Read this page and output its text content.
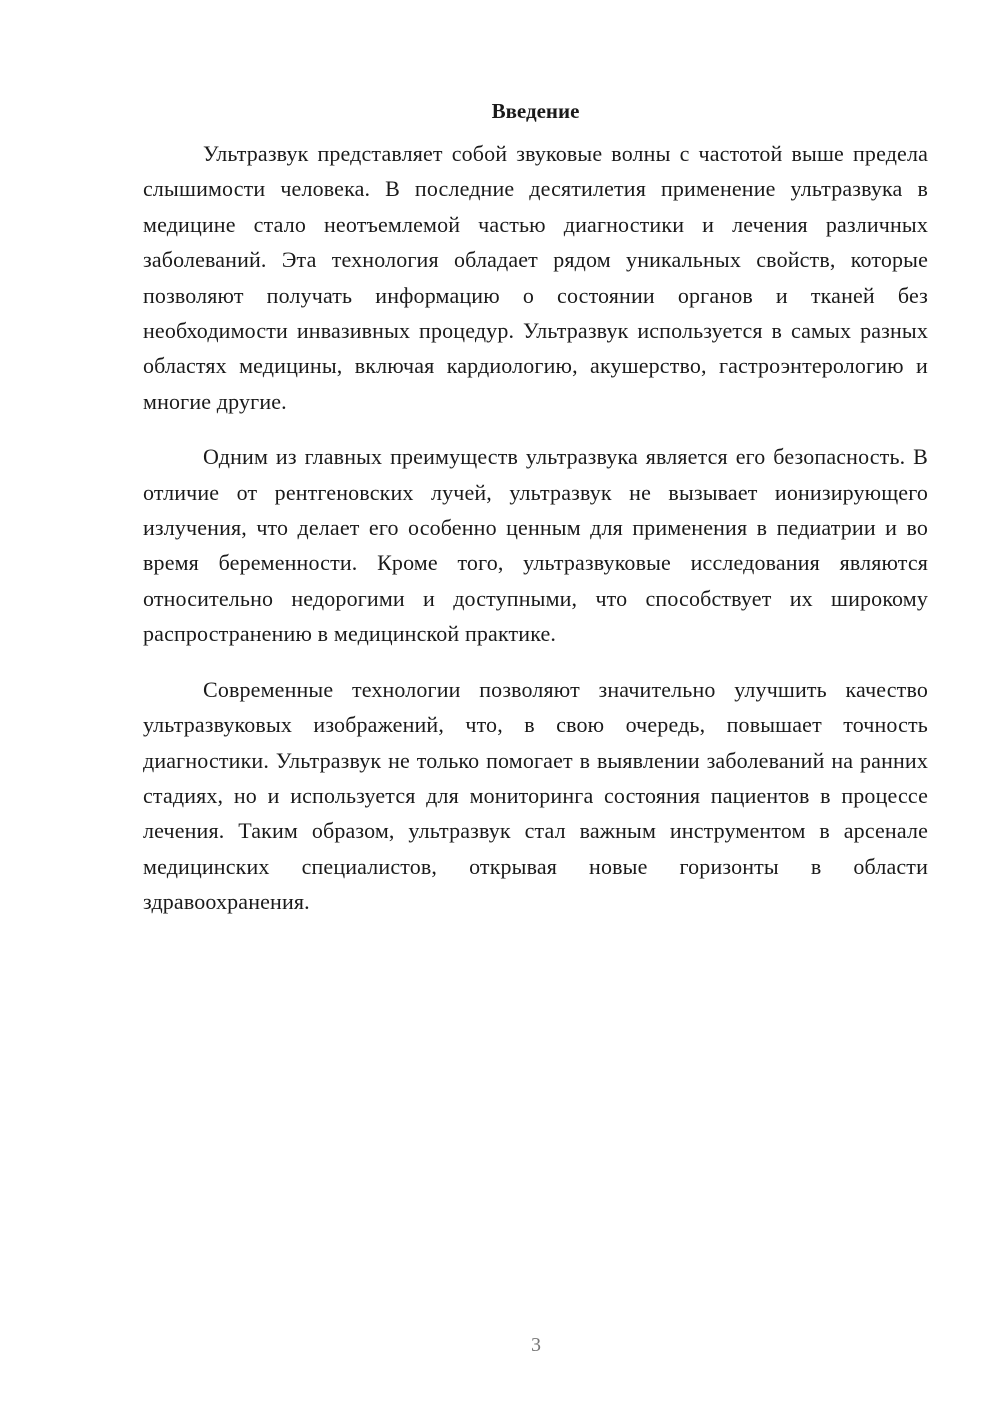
Введение

Ультразвук представляет собой звуковые волны с частотой выше предела слышимости человека. В последние десятилетия применение ультразвука в медицине стало неотъемлемой частью диагностики и лечения различных заболеваний. Эта технология обладает рядом уникальных свойств, которые позволяют получать информацию о состоянии органов и тканей без необходимости инвазивных процедур. Ультразвук используется в самых разных областях медицины, включая кардиологию, акушерство, гастроэнтерологию и многие другие.

Одним из главных преимуществ ультразвука является его безопасность. В отличие от рентгеновских лучей, ультразвук не вызывает ионизирующего излучения, что делает его особенно ценным для применения в педиатрии и во время беременности. Кроме того, ультразвуковые исследования являются относительно недорогими и доступными, что способствует их широкому распространению в медицинской практике.

Современные технологии позволяют значительно улучшить качество ультразвуковых изображений, что, в свою очередь, повышает точность диагностики. Ультразвук не только помогает в выявлении заболеваний на ранних стадиях, но и используется для мониторинга состояния пациентов в процессе лечения. Таким образом, ультразвук стал важным инструментом в арсенале медицинских специалистов, открывая новые горизонты в области здравоохранения.

3
